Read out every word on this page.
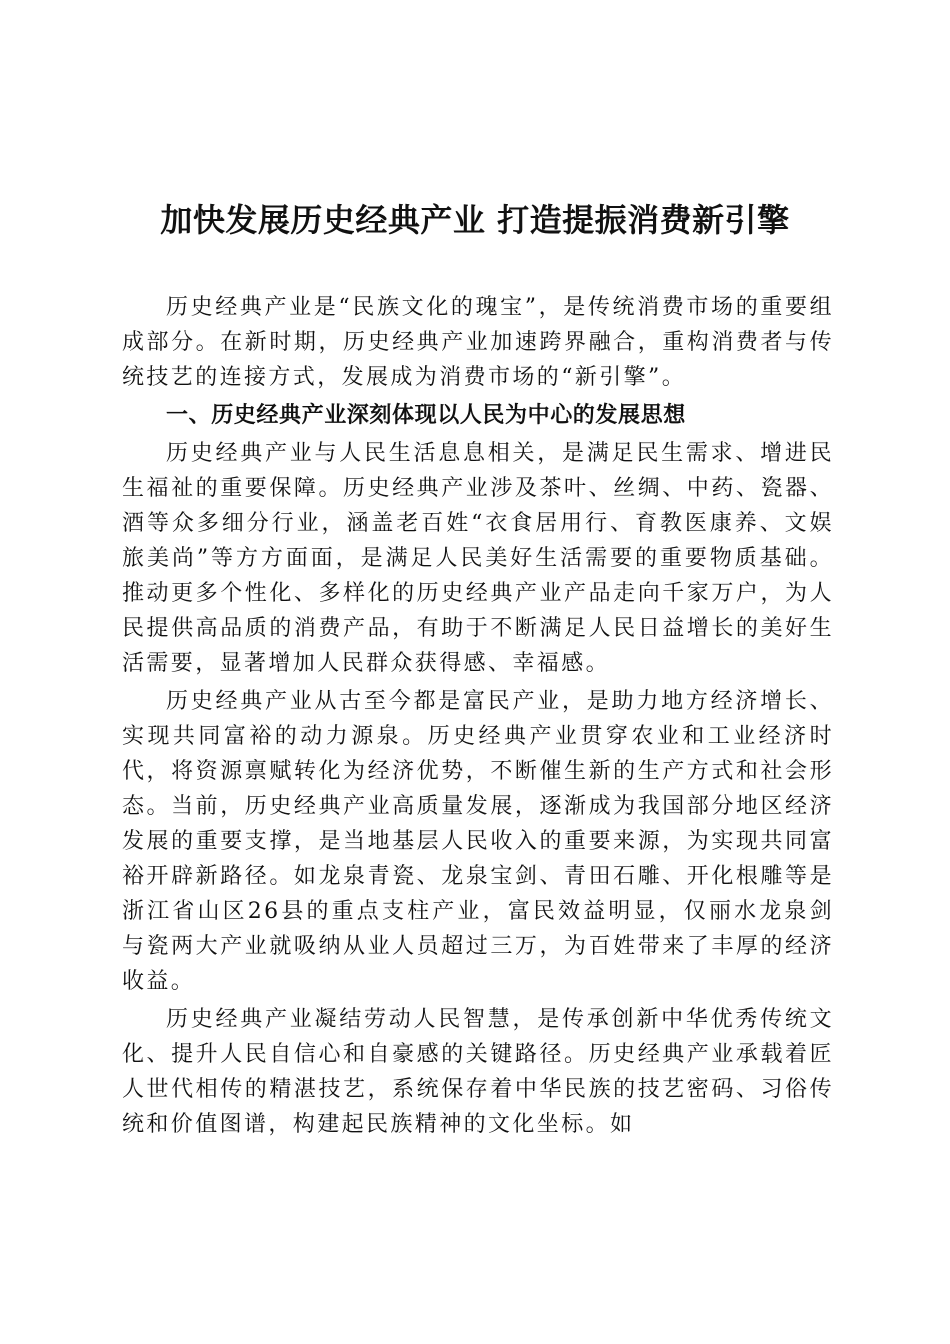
加快发展历史经典产业 打造提振消费新引擎

历史经典产业是“民族文化的瑰宝”，是传统消费市场的重要组成部分。在新时期，历史经典产业加速跨界融合，重构消费者与传统技艺的连接方式，发展成为消费市场的“新引擎”。

一、历史经典产业深刻体现以人民为中心的发展思想

历史经典产业与人民生活息息相关，是满足民生需求、增进民生福祉的重要保障。历史经典产业涉及茶叶、丝绸、中药、瓷器、酒等众多细分行业，涵盖老百姓“衣食居用行、育教医康养、文娱旅美尚”等方方面面，是满足人民美好生活需要的重要物质基础。推动更多个性化、多样化的历史经典产业产品走向千家万户，为人民提供高品质的消费产品，有助于不断满足人民日益增长的美好生活需要，显著增加人民群众获得感、幸福感。

历史经典产业从古至今都是富民产业，是助力地方经济增长、实现共同富裕的动力源泉。历史经典产业贯穿农业和工业经济时代，将资源禀赋转化为经济优势，不断催生新的生产方式和社会形态。当前，历史经典产业高质量发展，逐渐成为我国部分地区经济发展的重要支撑，是当地基层人民收入的重要来源，为实现共同富裕开辟新路径。如龙泉青瓷、龙泉宝剑、青田石雕、开化根雕等是浙江省山区26县的重点支柱产业，富民效益明显，仅丽水龙泉剑与瓷两大产业就吸纳从业人员超过三万，为百姓带来了丰厚的经济收益。

历史经典产业凝结劳动人民智慧，是传承创新中华优秀传统文化、提升人民自信心和自豪感的关键路径。历史经典产业承载着匠人世代相传的精湛技艺，系统保存着中华民族的技艺密码、习俗传统和价值图谱，构建起民族精神的文化坐标。如
